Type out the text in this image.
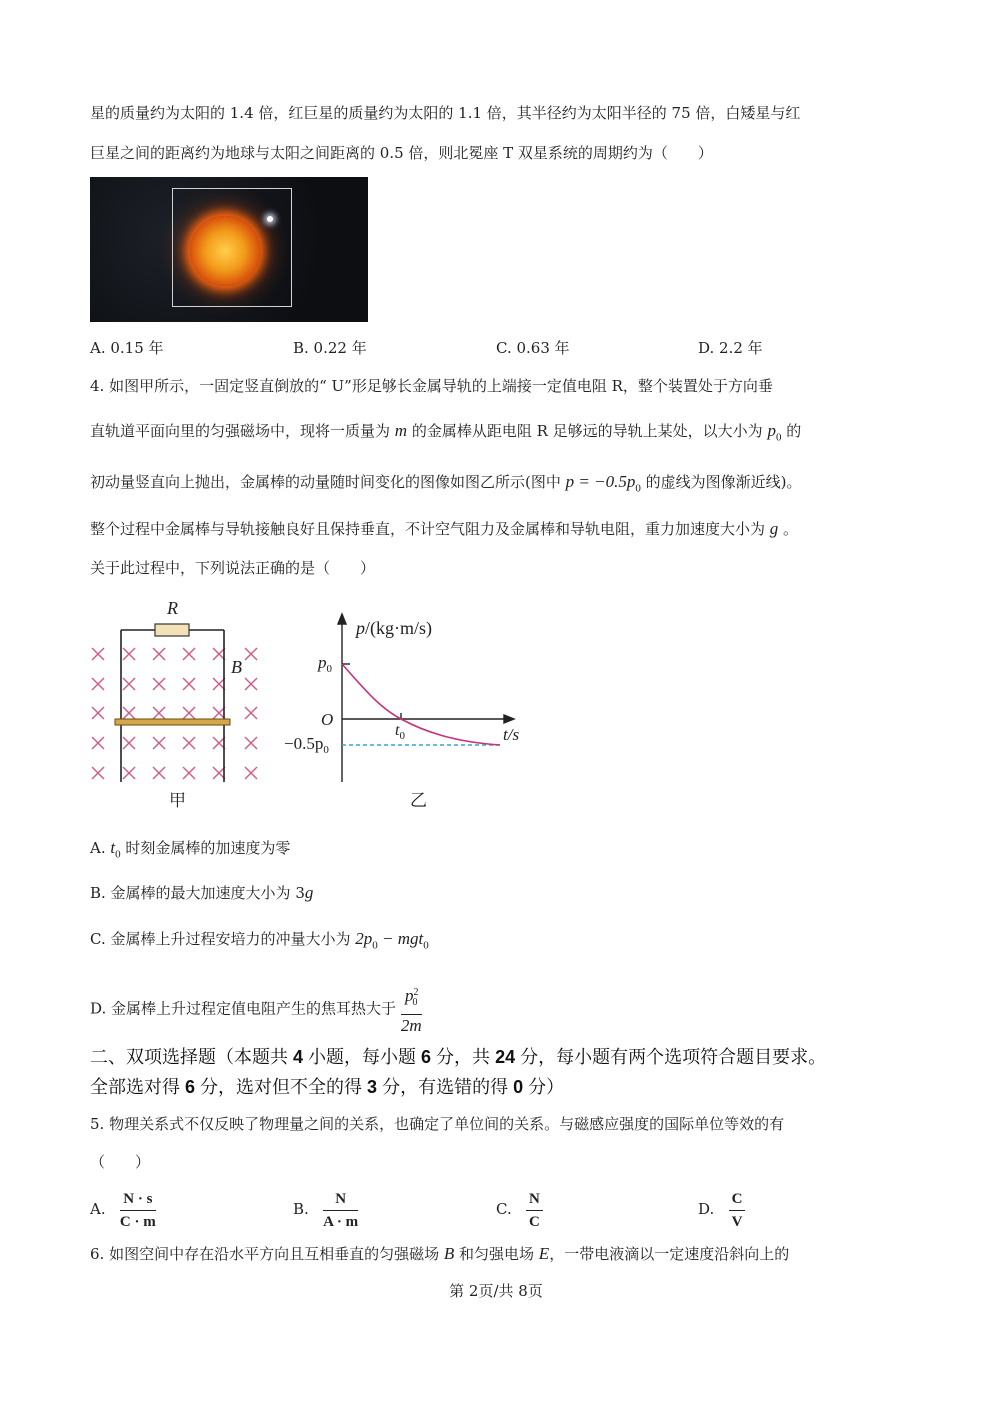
星的质量约为太阳的 1.4 倍，红巨星的质量约为太阳的 1.1 倍，其半径约为太阳半径的 75 倍，白矮星与红
巨星之间的距离约为地球与太阳之间距离的 0.5 倍，则北冕座 T 双星系统的周期约为（　　）
A. 0.15 年	B. 0.22 年	C. 0.63 年	D. 2.2 年
4. 如图甲所示，一固定竖直倒放的“ U”形足够长金属导轨的上端接一定值电阻 R，整个装置处于方向垂
直轨道平面向里的匀强磁场中，现将一质量为 m 的金属棒从距电阻 R 足够远的导轨上某处，以大小为 $p_0$ 的
初动量竖直向上抛出，金属棒的动量随时间变化的图像如图乙所示(图中 $p = -0.5p_0$ 的虚线为图像渐近线)。
整个过程中金属棒与导轨接触良好且保持垂直，不计空气阻力及金属棒和导轨电阻，重力加速度大小为 g 。
关于此过程中，下列说法正确的是（　　）
R
B
甲
p/(kg·m/s)
$p_0$
O
$t_0$	t/s
$-0.5p_0$
乙
A. $t_0$ 时刻金属棒的加速度为零
B. 金属棒的最大加速度大小为 3g
C. 金属棒上升过程安培力的冲量大小为 $2p_0 - mgt_0$
D. 金属棒上升过程定值电阻产生的焦耳热大于 $\frac{p^2_0}{2m}$
二、双项选择题（本题共 4 小题，每小题 6 分，共 24 分，每小题有两个选项符合题目要求。
全部选对得 6 分，选对但不全的得 3 分，有选错的得 0 分）
5. 物理关系式不仅反映了物理量之间的关系，也确定了单位间的关系。与磁感应强度的国际单位等效的有
（　　）
A. $\frac{N \cdot s}{C \cdot m}$	B. $\frac{N}{A \cdot m}$	C. $\frac{N}{C}$	D. $\frac{C}{V}$
6. 如图空间中存在沿水平方向且互相垂直的匀强磁场 B 和匀强电场 E，一带电液滴以一定速度沿斜向上的
第 2页/共 8页
